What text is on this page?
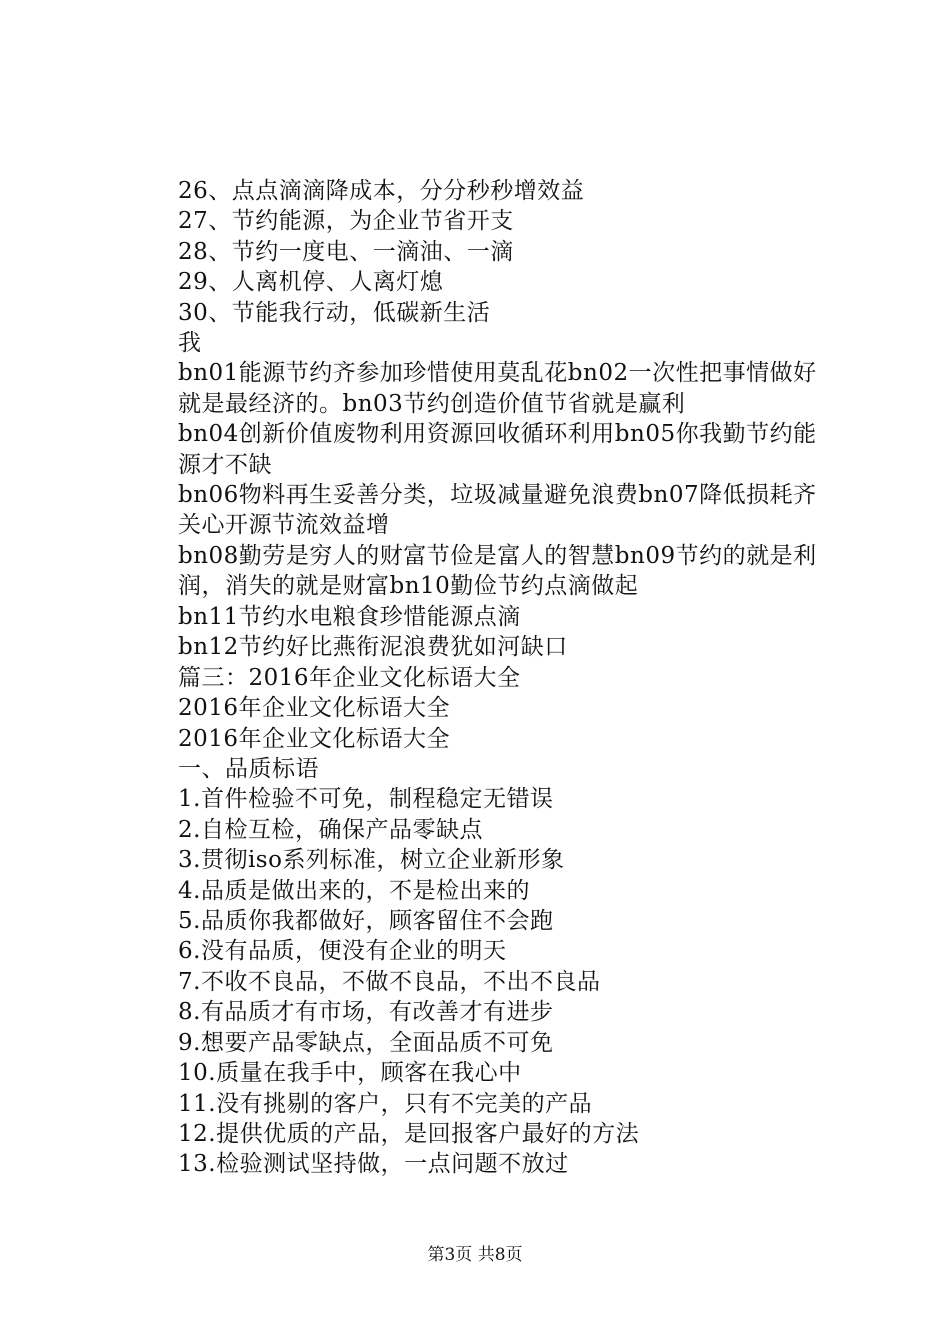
26、点点滴滴降成本，分分秒秒增效益
27、节约能源，为企业节省开支
28、节约一度电、一滴油、一滴
29、人离机停、人离灯熄
30、节能我行动，低碳新生活
我
bn01能源节约齐参加珍惜使用莫乱花bn02一次性把事情做好就是最经济的。bn03节约创造价值节省就是赢利
bn04创新价值废物利用资源回收循环利用bn05你我勤节约能源才不缺
bn06物料再生妥善分类，垃圾减量避免浪费bn07降低损耗齐关心开源节流效益增
bn08勤劳是穷人的财富节俭是富人的智慧bn09节约的就是利润，消失的就是财富bn10勤俭节约点滴做起
bn11节约水电粮食珍惜能源点滴
bn12节约好比燕衔泥浪费犹如河缺口
篇三：2016年企业文化标语大全
2016年企业文化标语大全
2016年企业文化标语大全
一、品质标语
1.首件检验不可免，制程稳定无错误
2.自检互检，确保产品零缺点
3.贯彻iso系列标准，树立企业新形象
4.品质是做出来的，不是检出来的
5.品质你我都做好，顾客留住不会跑
6.没有品质，便没有企业的明天
7.不收不良品，不做不良品，不出不良品
8.有品质才有市场，有改善才有进步
9.想要产品零缺点，全面品质不可免
10.质量在我手中，顾客在我心中
11.没有挑剔的客户，只有不完美的产品
12.提供优质的产品，是回报客户最好的方法
13.检验测试坚持做，一点问题不放过
第3页 共8页
